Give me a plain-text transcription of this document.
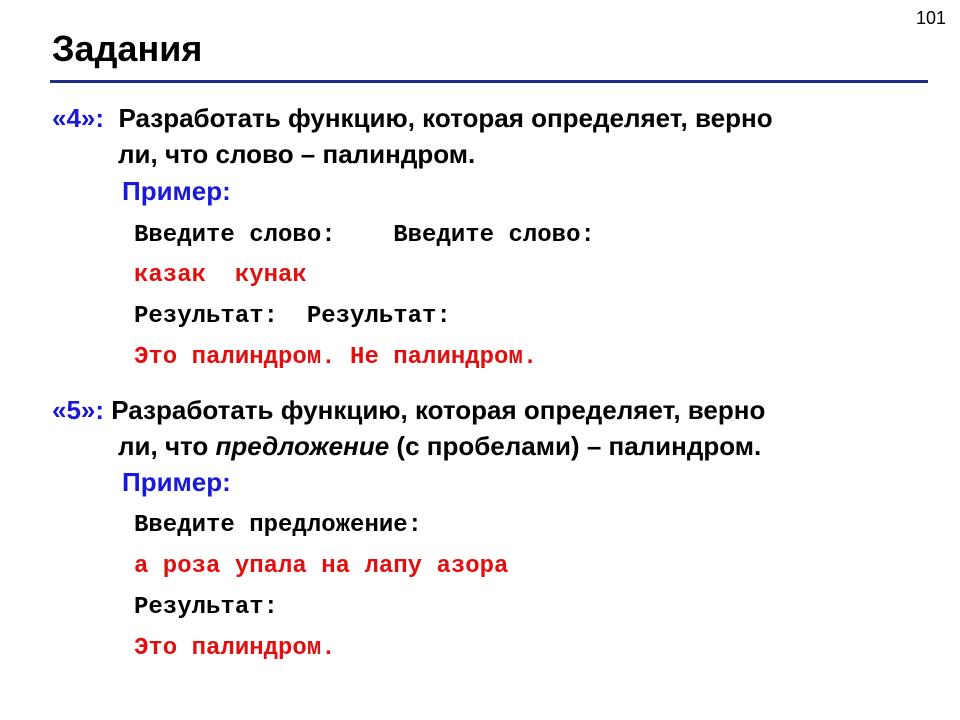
101
Задания
«4»: Разработать функцию, которая определяет, верно
ли, что слово – палиндром.
Пример:
Введите слово:    Введите слово:
казак  кунак
Результат:  Результат:
Это палиндром. Не палиндром.
«5»: Разработать функцию, которая определяет, верно
ли, что предложение (с пробелами) – палиндром.
Пример:
Введите предложение:
а роза упала на лапу азора
Результат:
Это палиндром.
